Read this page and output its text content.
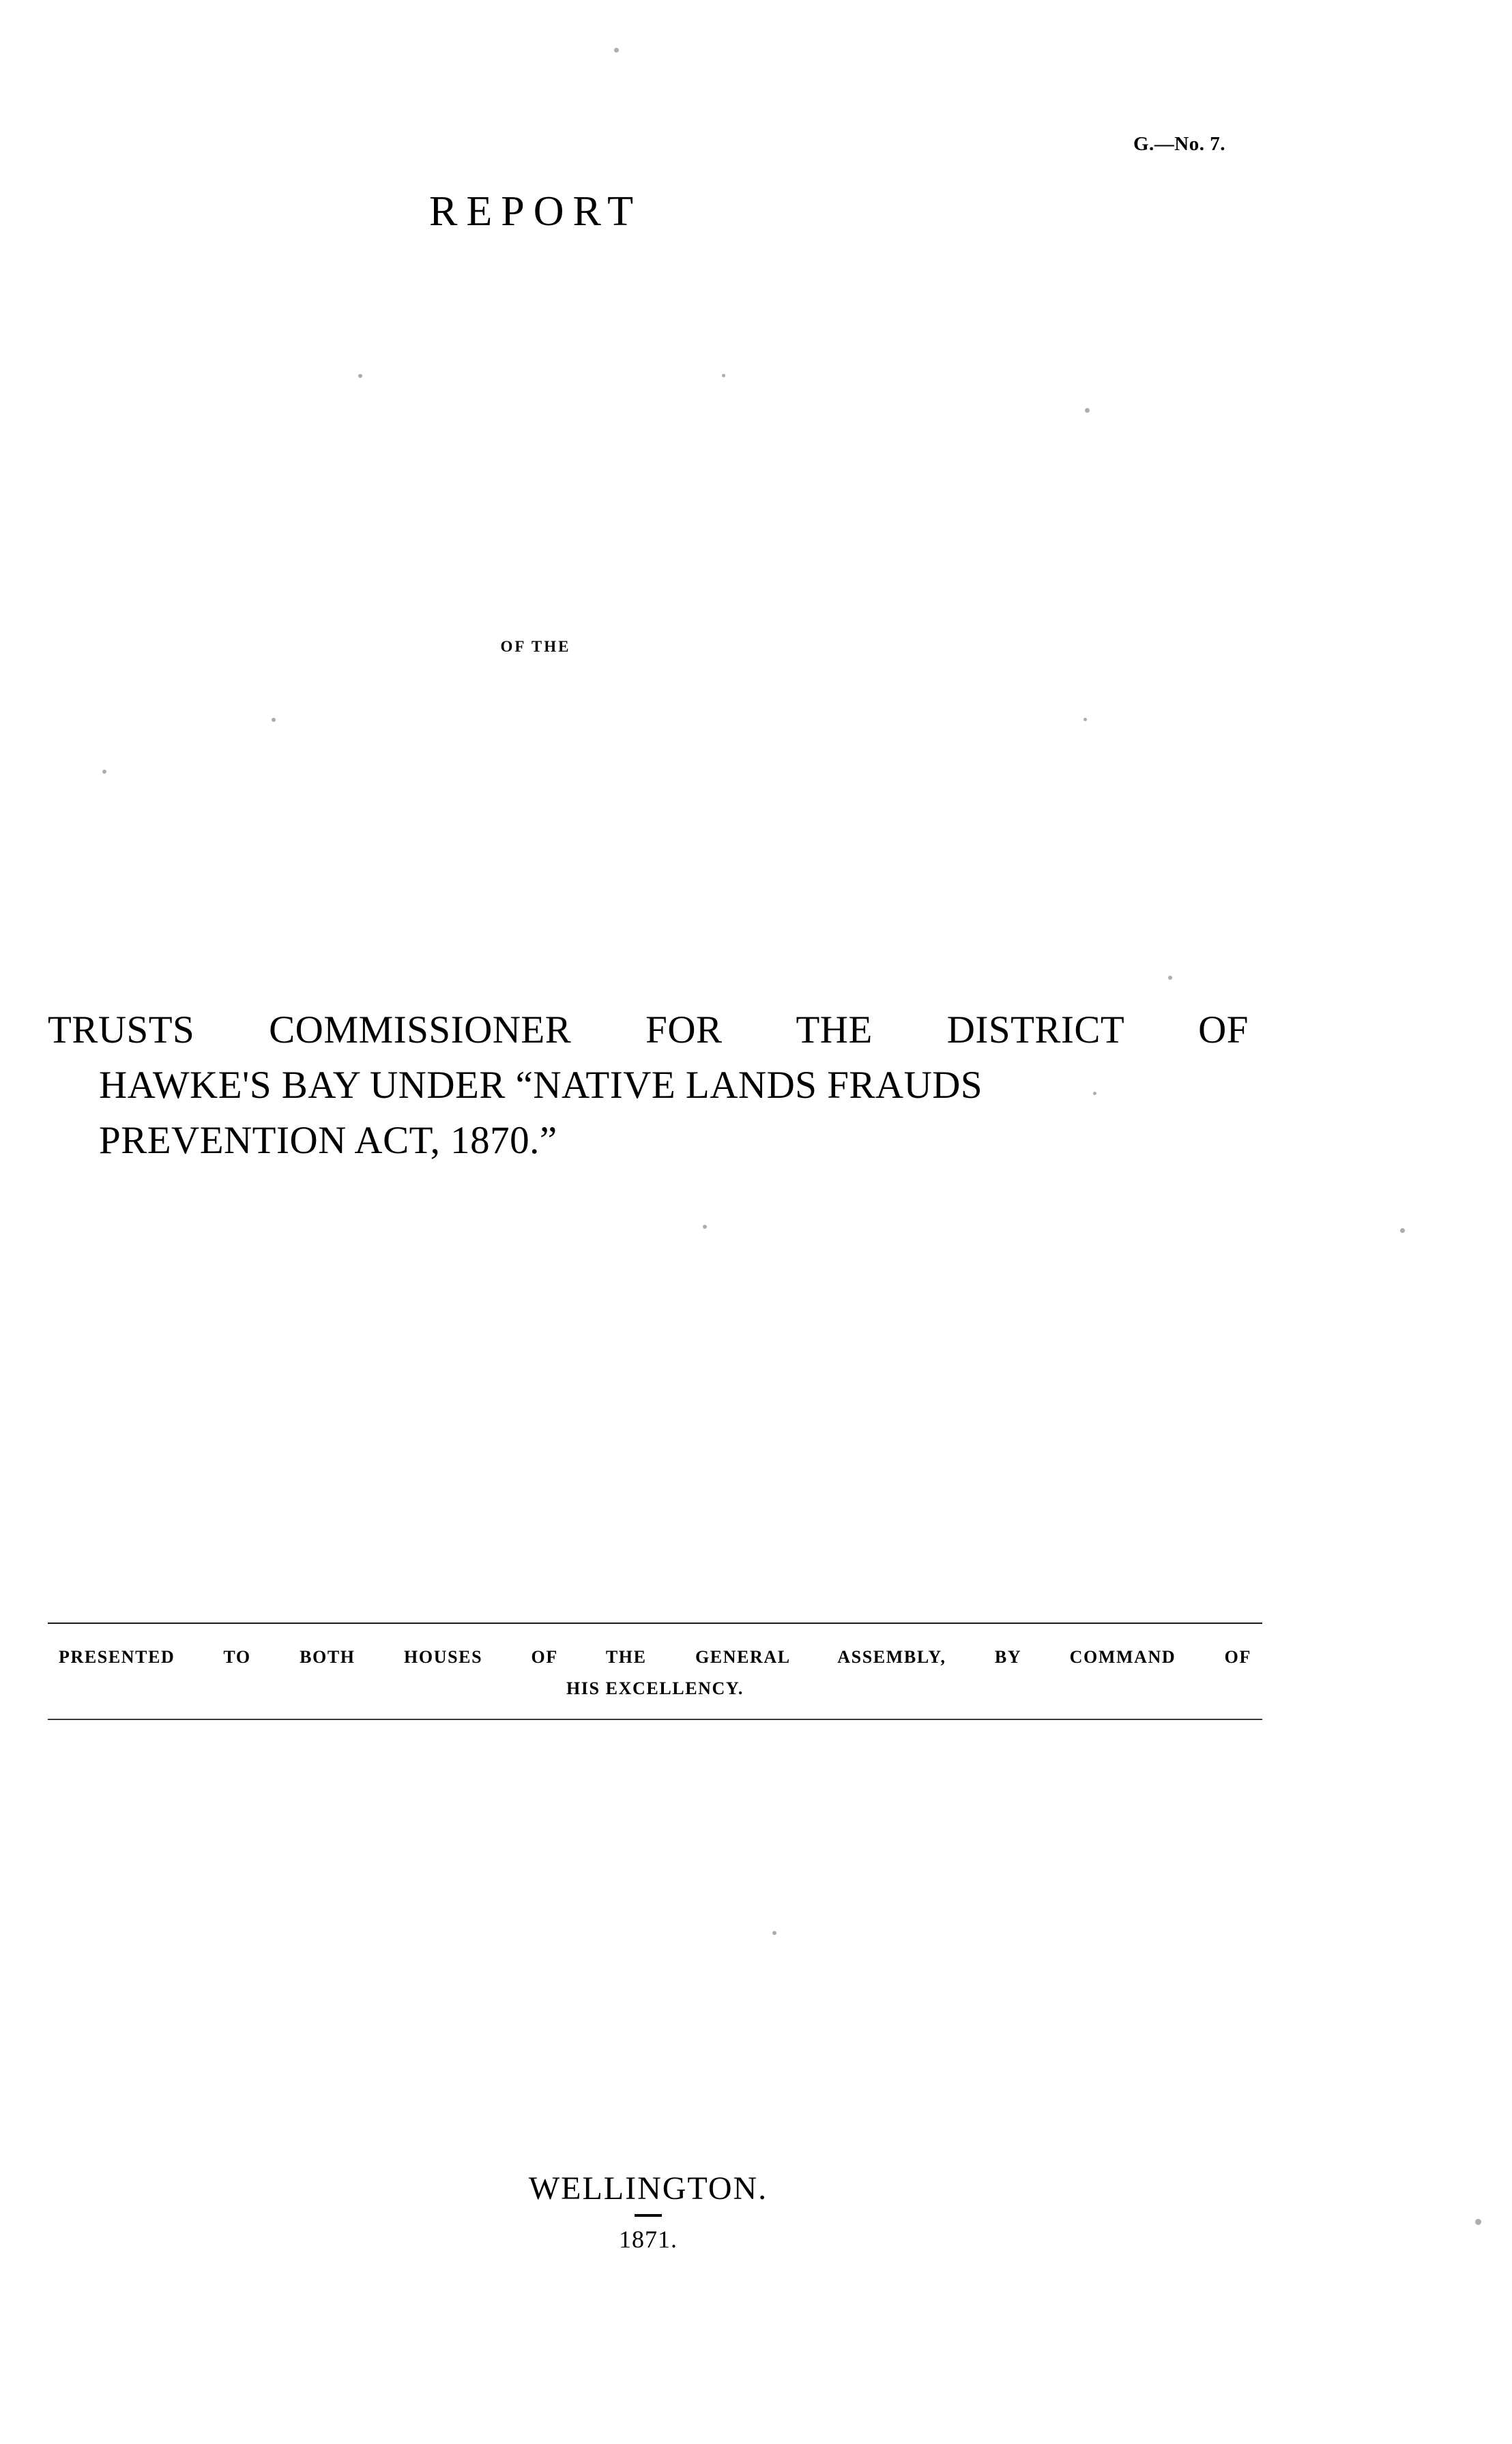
G.—No. 7.
REPORT
OF THE
TRUSTS COMMISSIONER FOR THE DISTRICT OF
HAWKE'S BAY UNDER “NATIVE LANDS FRAUDS
PREVENTION ACT, 1870.”
PRESENTED TO BOTH HOUSES OF THE GENERAL ASSEMBLY, BY COMMAND OF
HIS EXCELLENCY.
WELLINGTON.
1871.
